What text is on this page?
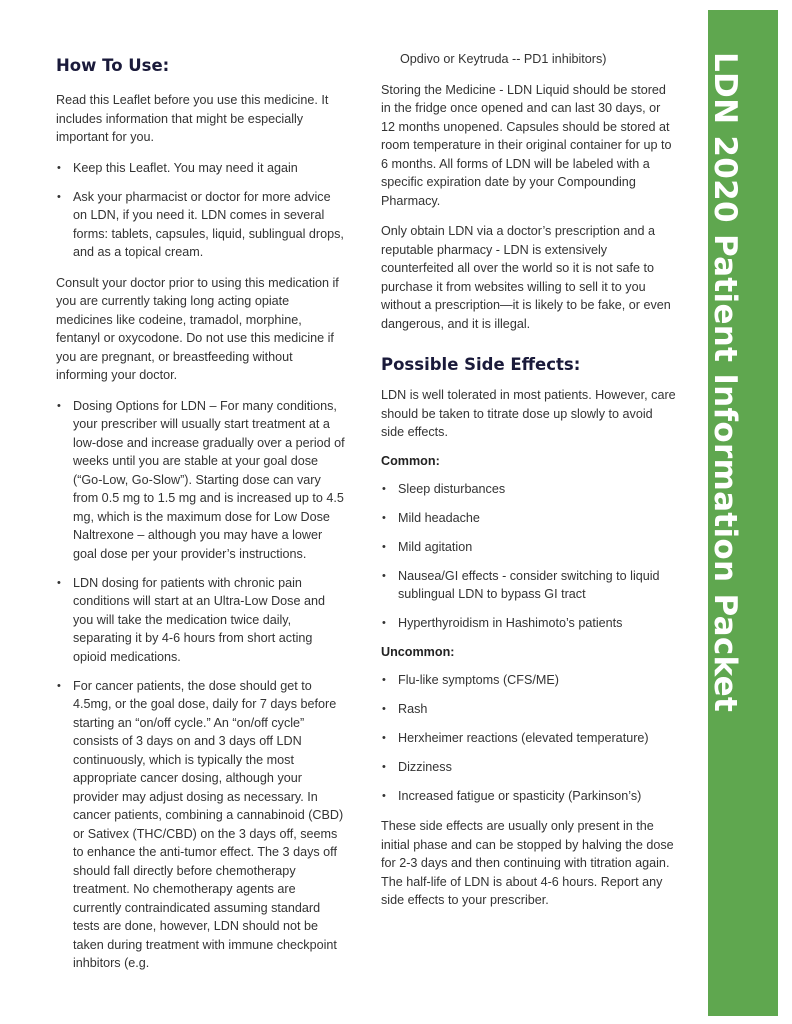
How To Use:

Read this Leaflet before you use this medicine. It includes information that might be especially important for you.

• Keep this Leaflet. You may need it again
• Ask your pharmacist or doctor for more advice on LDN, if you need it. LDN comes in several forms: tablets, capsules, liquid, sublingual drops, and as a topical cream.

Consult your doctor prior to using this medication if you are currently taking long acting opiate medicines like codeine, tramadol, morphine, fentanyl or oxycodone. Do not use this medicine if you are pregnant, or breastfeeding without informing your doctor.

• Dosing Options for LDN – For many conditions, your prescriber will usually start treatment at a low-dose and increase gradually over a period of weeks until you are stable at your goal dose (“Go-Low, Go-Slow”). Starting dose can vary from 0.5 mg to 1.5 mg and is increased up to 4.5 mg, which is the maximum dose for Low Dose Naltrexone – although you may have a lower goal dose per your provider’s instructions.
• LDN dosing for patients with chronic pain conditions will start at an Ultra-Low Dose and you will take the medication twice daily, separating it by 4-6 hours from short acting opioid medications.
• For cancer patients, the dose should get to 4.5mg, or the goal dose, daily for 7 days before starting an “on/off cycle.” An “on/off cycle” consists of 3 days on and 3 days off LDN continuously, which is typically the most appropriate cancer dosing, although your provider may adjust dosing as necessary. In cancer patients, combining a cannabinoid (CBD) or Sativex (THC/CBD) on the 3 days off, seems to enhance the anti-tumor effect. The 3 days off should fall directly before chemotherapy treatment. No chemotherapy agents are currently contraindicated assuming standard tests are done, however, LDN should not be taken during treatment with immune checkpoint inhbitors (e.g.

Opdivo or Keytruda -- PD1 inhibitors)

Storing the Medicine - LDN Liquid should be stored in the fridge once opened and can last 30 days, or 12 months unopened. Capsules should be stored at room temperature in their original container for up to 6 months. All forms of LDN will be labeled with a specific expiration date by your Compounding Pharmacy.

Only obtain LDN via a doctor’s prescription and a reputable pharmacy - LDN is extensively counterfeited all over the world so it is not safe to purchase it from websites willing to sell it to you without a prescription—it is likely to be fake, or even dangerous, and it is illegal.

Possible Side Effects:

LDN is well tolerated in most patients. However, care should be taken to titrate dose up slowly to avoid side effects.

Common:
• Sleep disturbances
• Mild headache
• Mild agitation
• Nausea/GI effects - consider switching to liquid sublingual LDN to bypass GI tract
• Hyperthyroidism in Hashimoto’s patients
Uncommon:
• Flu-like symptoms (CFS/ME)
• Rash
• Herxheimer reactions (elevated temperature)
• Dizziness
• Increased fatigue or spasticity (Parkinson’s)

These side effects are usually only present in the initial phase and can be stopped by halving the dose for 2-3 days and then continuing with titration again. The half-life of LDN is about 4-6 hours. Report any side effects to your prescriber.

LDN 2020 Patient Information Packet
